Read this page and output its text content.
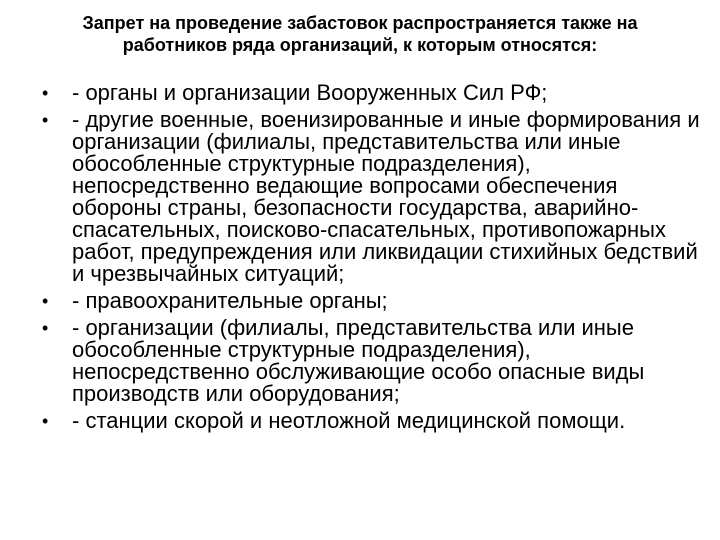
Запрет на проведение забастовок распространяется также на работников ряда организаций, к которым относятся:
• - органы и организации Вооруженных Сил РФ;
• - другие военные, военизированные и иные формирования и организации (филиалы, представительства или иные обособленные структурные подразделения), непосредственно ведающие вопросами обеспечения обороны страны, безопасности государства, аварийно-спасательных, поисково-спасательных, противопожарных работ, предупреждения или ликвидации стихийных бедствий и чрезвычайных ситуаций;
• - правоохранительные органы;
• - организации (филиалы, представительства или иные обособленные структурные подразделения), непосредственно обслуживающие особо опасные виды производств или оборудования;
• - станции скорой и неотложной медицинской помощи.
